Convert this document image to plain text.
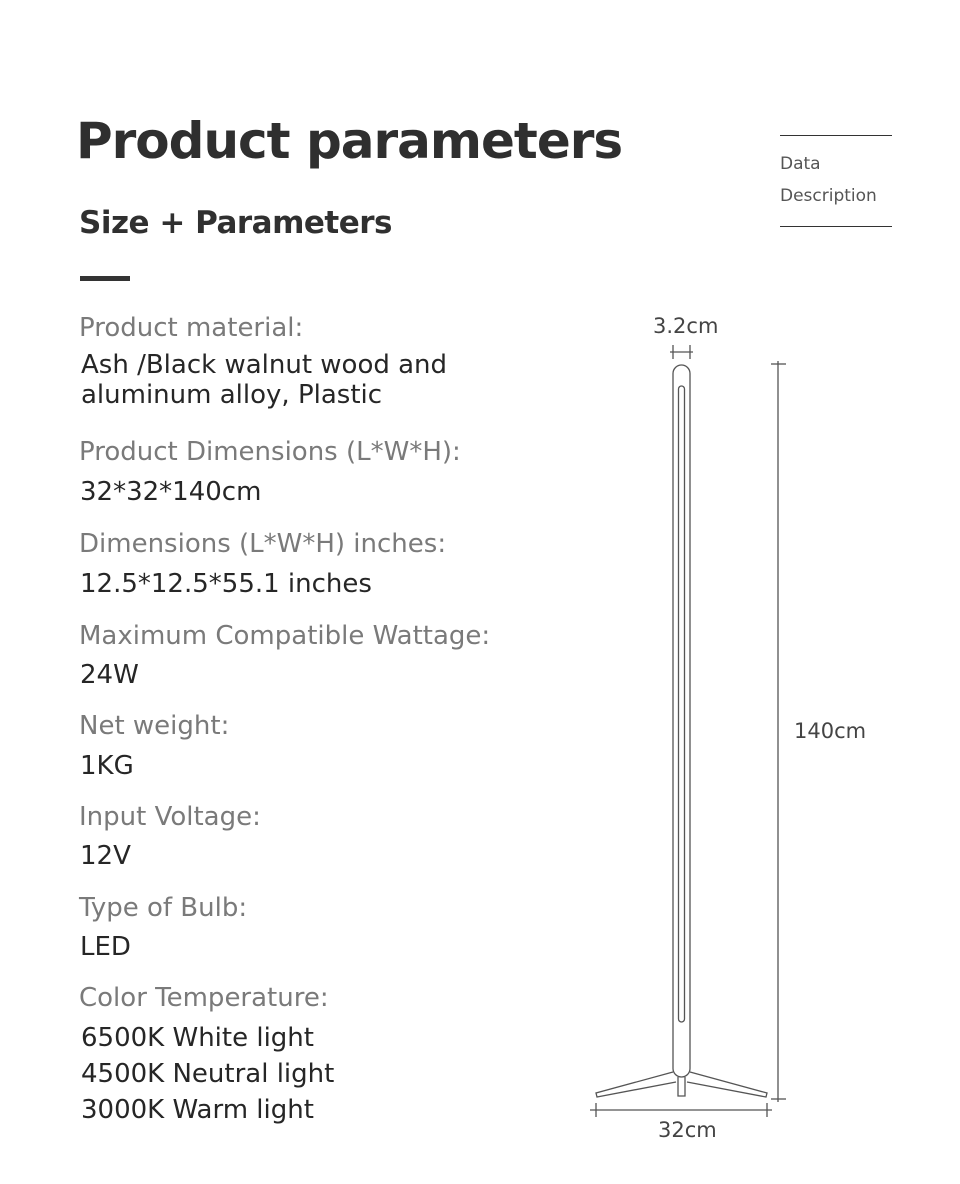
Product parameters
Size + Parameters
Data
Description
Product material:
Ash /Black walnut wood and
aluminum alloy, Plastic
Product Dimensions (L*W*H):
32*32*140cm
Dimensions (L*W*H) inches:
12.5*12.5*55.1 inches
Maximum Compatible Wattage:
24W
Net weight:
1KG
Input Voltage:
12V
Type of Bulb:
LED
Color Temperature:
6500K White light
4500K Neutral light
3000K Warm light
3.2cm
140cm
32cm
